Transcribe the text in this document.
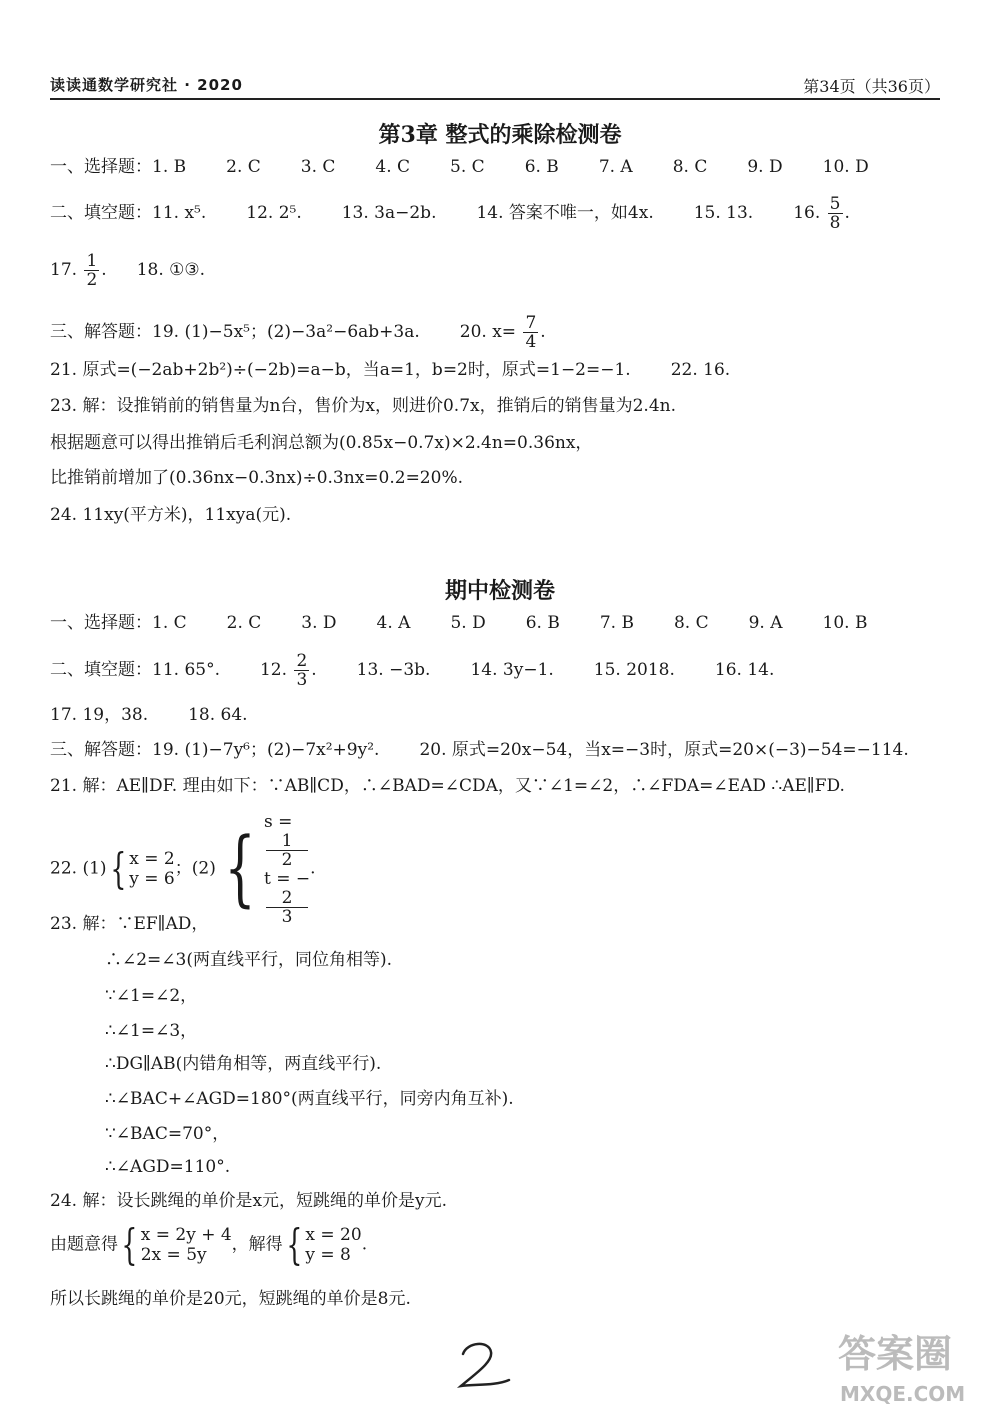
读读通数学研究社 · 2020	第34页（共36页）
第3章 整式的乘除检测卷
一、选择题：1. B 2. C 3. C 4. C 5. C 6. B 7. A 8. C 9. D 10. D
二、填空题：11. x⁵. 12. 2⁵. 13. 3a−2b. 14. 答案不唯一，如4x. 15. 13. 16. $\frac{5}{8}$ .
17. $\frac{1}{2}$ . 18. ①③.
三、解答题：19. (1)−5x⁵；(2)−3a²−6ab+3a. 20. $x= \frac{7}{4}$ .
21. 原式=(−2ab+2b²)÷(−2b)=a−b，当a=1，b=2时，原式=1−2=−1. 22. 16.
23. 解：设推销前的销售量为n台，售价为x，则进价0.7x，推销后的销售量为2.4n.
根据题意可以得出推销后毛利润总额为(0.85x−0.7x)×2.4n=0.36nx，
比推销前增加了(0.36nx−0.3nx)÷0.3nx=0.2=20%.
24. 11xy(平方米)，11xya(元).
期中检测卷
一、选择题：1. C 2. C 3. D 4. A 5. D 6. B 7. B 8. C 9. A 10. B
二、填空题：11. 65°. 12. $\frac{2}{3}$ . 13. −3b. 14. 3y−1. 15. 2018. 16. 14.
17. 19，38. 18. 64.
三、解答题：19. (1)−7y⁶；(2)−7x²+9y². 20. 原式=20x−54，当x=−3时，原式=20×(−3)−54=−114.
21. 解：AE∥DF. 理由如下：∵AB∥CD，∴∠BAD=∠CDA，又∵∠1=∠2，∴∠FDA=∠EAD ∴AE∥FD.
22. (1){ x = 2
y = 6
；(2) { s =
1
2
t = −
2
3
.
23. 解：∵EF∥AD，
∴∠2=∠3(两直线平行，同位角相等).
∵∠1=∠2，
∴∠1=∠3，
∴DG∥AB(内错角相等，两直线平行).
∴∠BAC+∠AGD=180°(两直线平行，同旁内角互补).
∵∠BAC=70°，
∴∠AGD=110°.
24. 解：设长跳绳的单价是x元，短跳绳的单价是y元.
由题意得{ x = 2y + 4
2x = 5y
，解得{ x = 20
y = 8
.
所以长跳绳的单价是20元，短跳绳的单价是8元.
答案圈
MXQE.COM
